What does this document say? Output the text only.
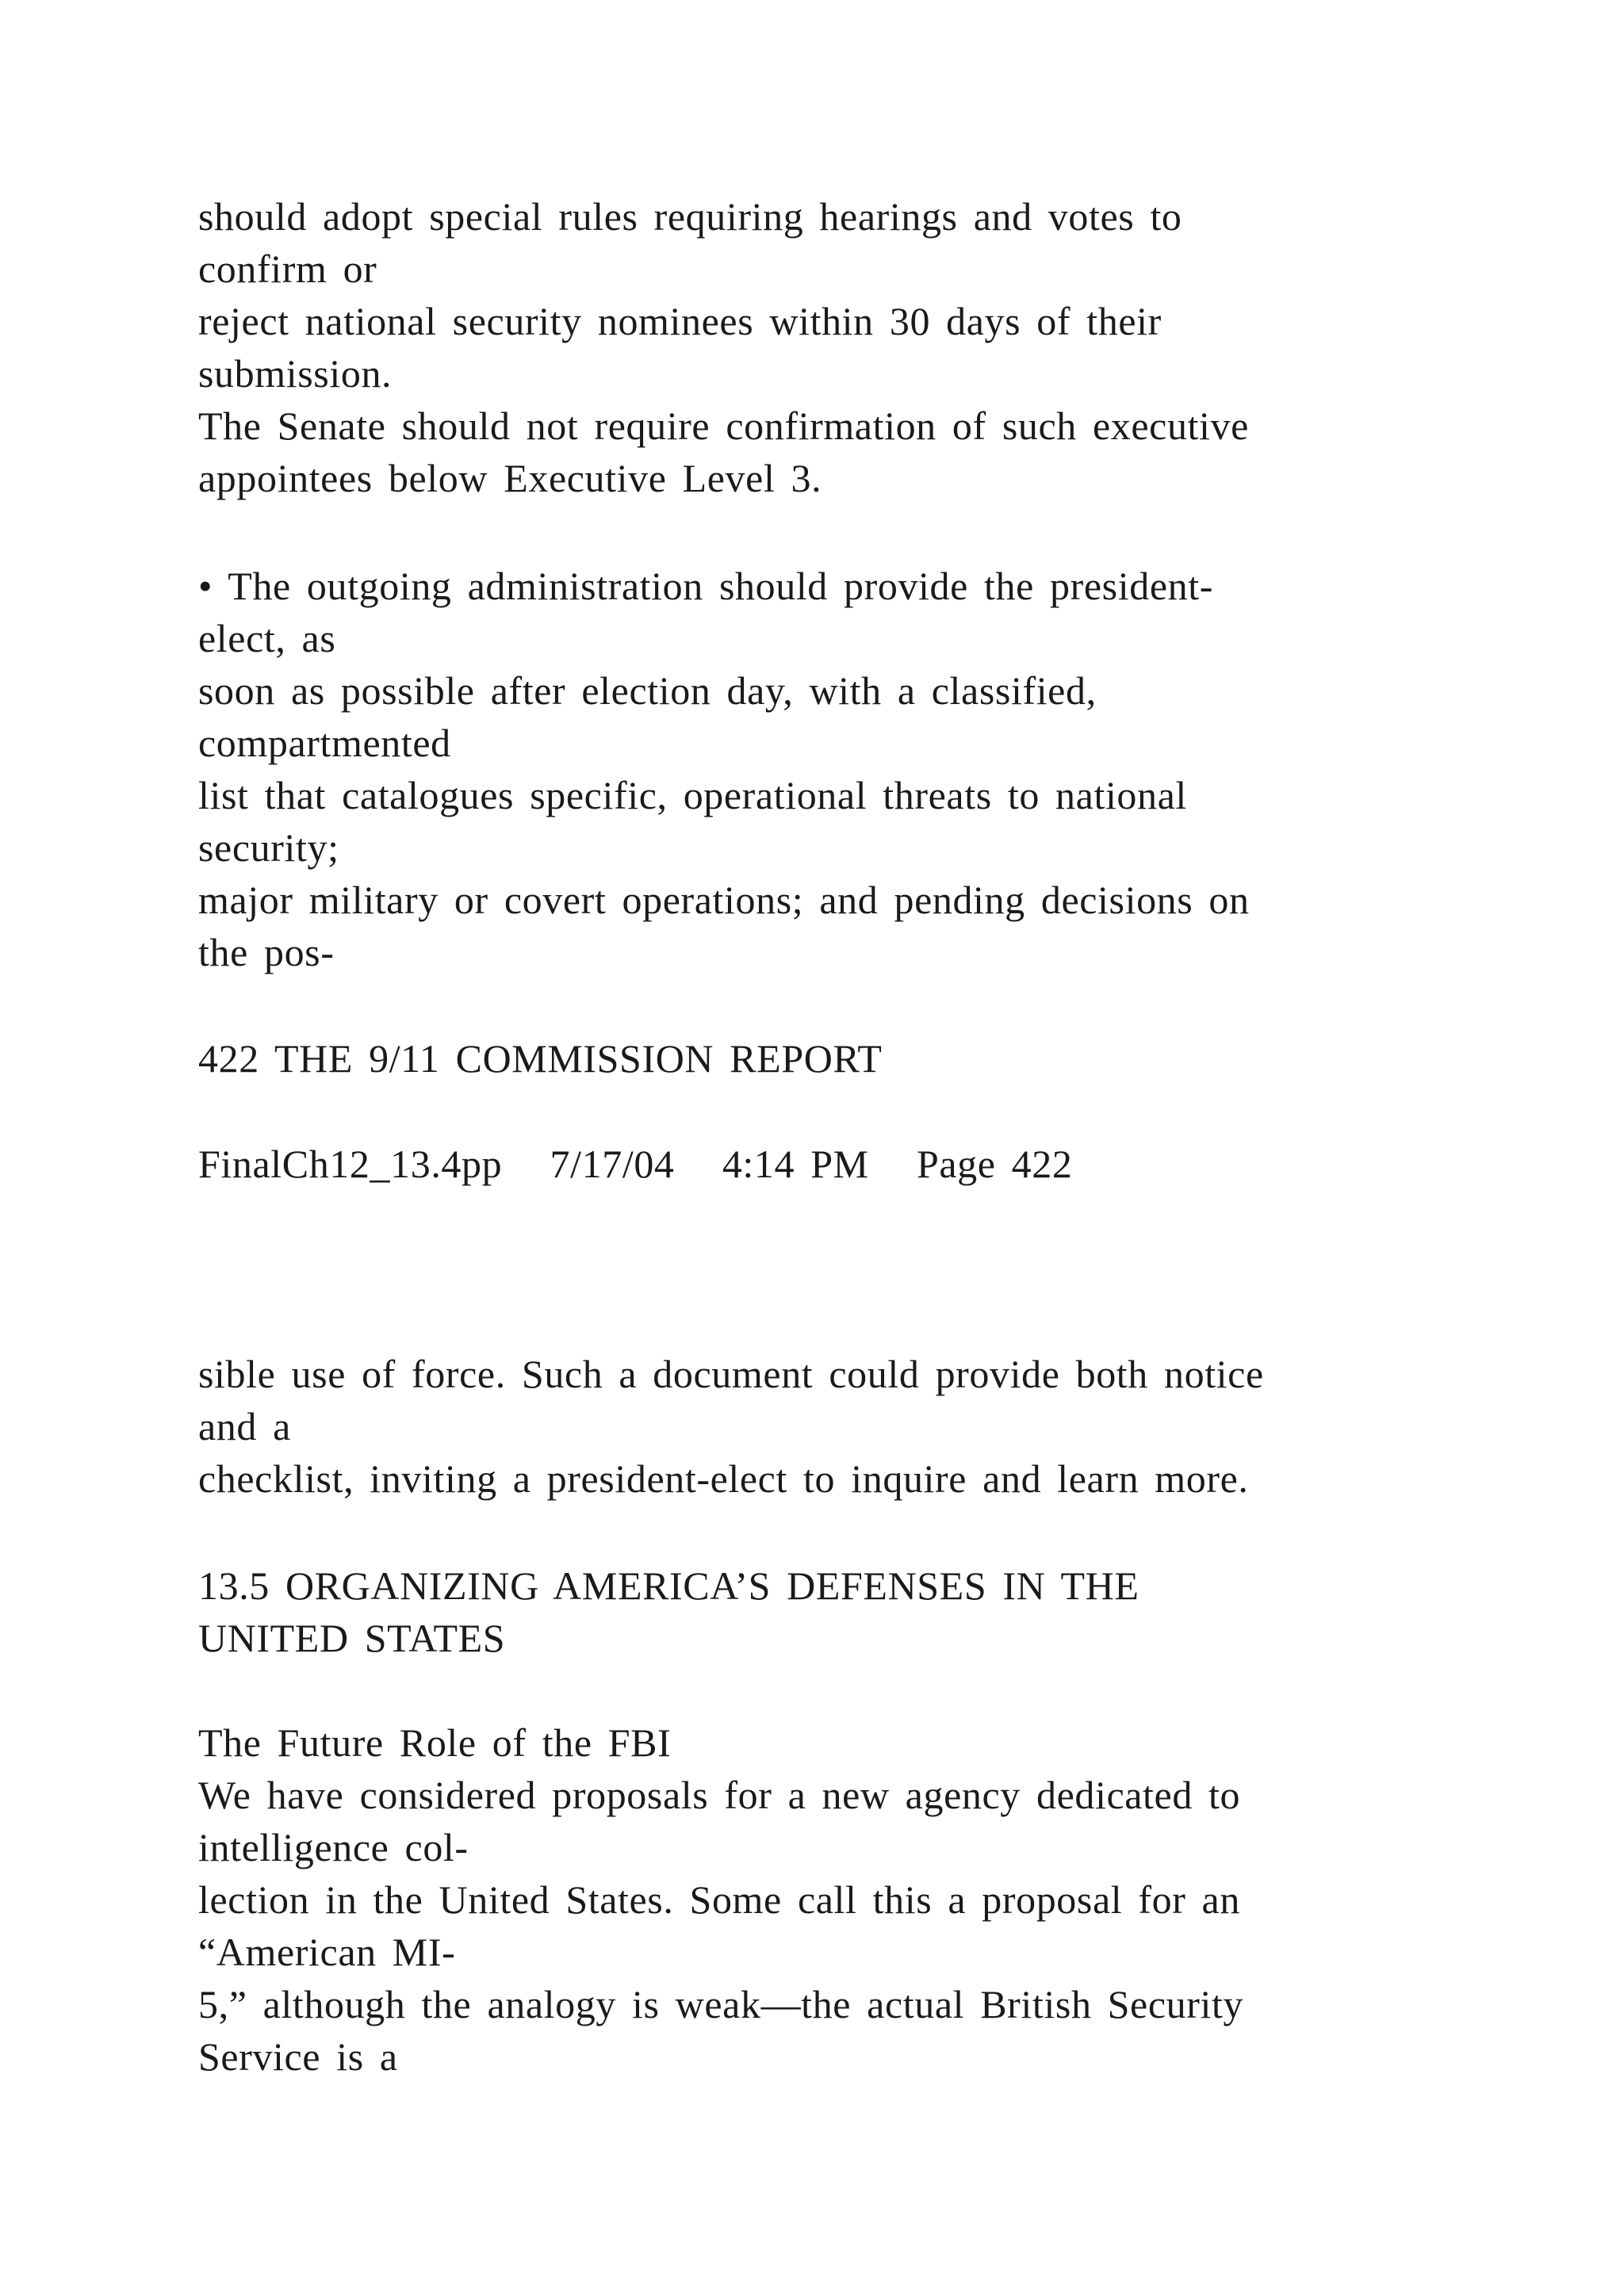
should adopt special rules requiring hearings and votes to
confirm or
reject national security nominees within 30 days of their
submission.
The Senate should not require confirmation of such executive
appointees below Executive Level 3.
• The outgoing administration should provide the president-
elect, as
soon as possible after election day, with a classified,
compartmented
list that catalogues specific, operational threats to national
security;
major military or covert operations; and pending decisions on
the pos-
422 THE 9/11 COMMISSION REPORT
FinalCh12_13.4pp   7/17/04   4:14 PM   Page 422
sible use of force. Such a document could provide both notice
and a
checklist, inviting a president-elect to inquire and learn more.
13.5 ORGANIZING AMERICA’S DEFENSES IN THE
UNITED STATES
The Future Role of the FBI
We have considered proposals for a new agency dedicated to
intelligence col-
lection in the United States. Some call this a proposal for an
“American MI-
5,” although the analogy is weak—the actual British Security
Service is a
